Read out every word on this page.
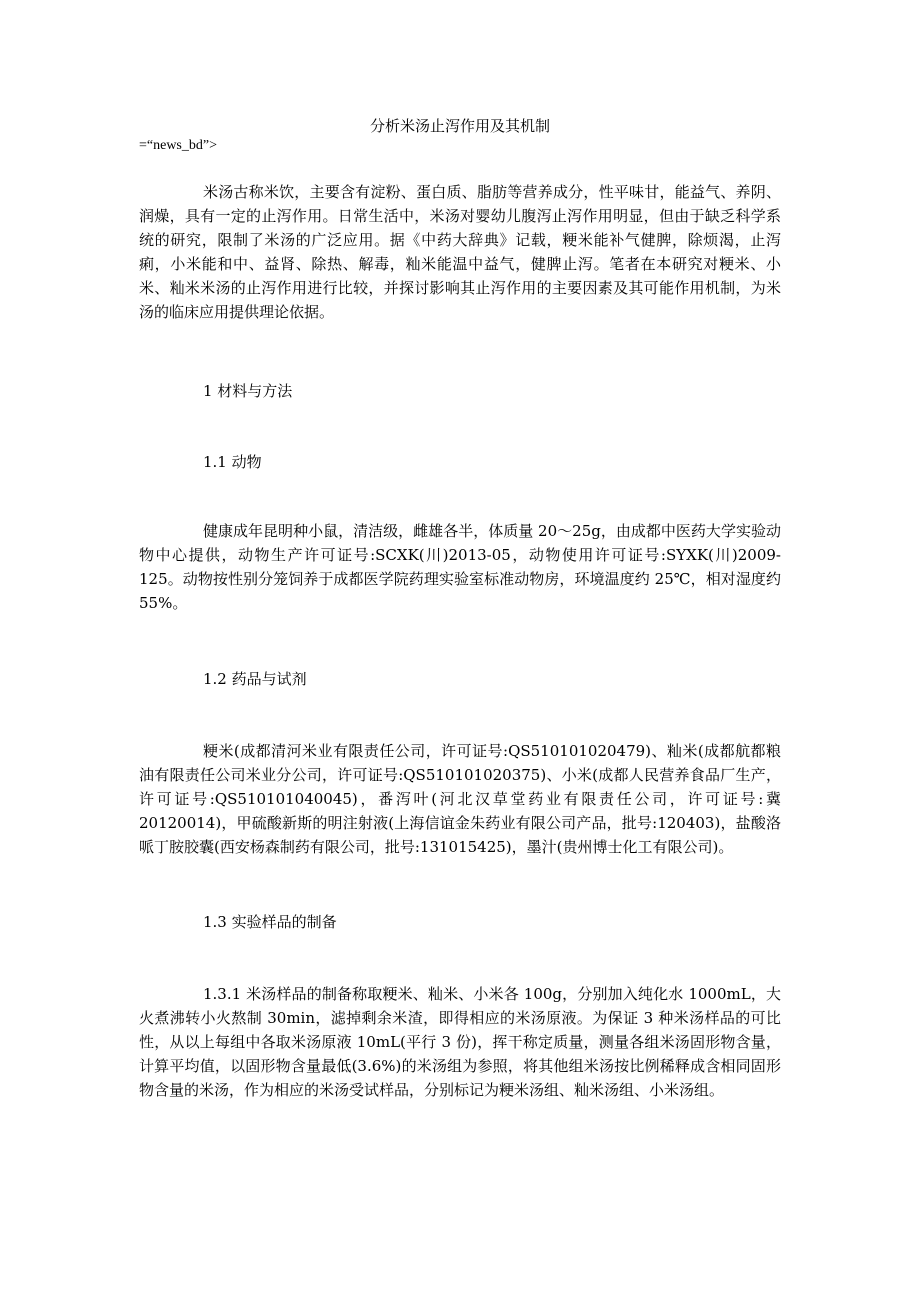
分析米汤止泻作用及其机制
=“news_bd”>

米汤古称米饮，主要含有淀粉、蛋白质、脂肪等营养成分，性平味甘，能益气、养阴、润燥，具有一定的止泻作用。日常生活中，米汤对婴幼儿腹泻止泻作用明显，但由于缺乏科学系统的研究，限制了米汤的广泛应用。据《中药大辞典》记载，粳米能补气健脾，除烦渴，止泻痢，小米能和中、益肾、除热、解毒，籼米能温中益气，健脾止泻。笔者在本研究对粳米、小米、籼米米汤的止泻作用进行比较，并探讨影响其止泻作用的主要因素及其可能作用机制，为米汤的临床应用提供理论依据。

1 材料与方法

1.1 动物

健康成年昆明种小鼠，清洁级，雌雄各半，体质量 20～25g，由成都中医药大学实验动物中心提供，动物生产许可证号:SCXK(川)2013-05，动物使用许可证号:SYXK(川)2009-125。动物按性别分笼饲养于成都医学院药理实验室标准动物房，环境温度约 25℃，相对湿度约 55%。

1.2 药品与试剂

粳米(成都清河米业有限责任公司，许可证号:QS510101020479)、籼米(成都航都粮油有限责任公司米业分公司，许可证号:QS510101020375)、小米(成都人民营养食品厂生产，许可证号:QS510101040045)，番泻叶(河北汉草堂药业有限责任公司，许可证号:冀 20120014)，甲硫酸新斯的明注射液(上海信谊金朱药业有限公司产品，批号:120403)，盐酸洛哌丁胺胶囊(西安杨森制药有限公司，批号:131015425)，墨汁(贵州博士化工有限公司)。

1.3 实验样品的制备

1.3.1 米汤样品的制备称取粳米、籼米、小米各 100g，分别加入纯化水 1000mL，大火煮沸转小火熬制 30min，滤掉剩余米渣，即得相应的米汤原液。为保证 3 种米汤样品的可比性，从以上每组中各取米汤原液 10mL(平行 3 份)，挥干称定质量，测量各组米汤固形物含量，计算平均值，以固形物含量最低(3.6%)的米汤组为参照，将其他组米汤按比例稀释成含相同固形物含量的米汤，作为相应的米汤受试样品，分别标记为粳米汤组、籼米汤组、小米汤组。
